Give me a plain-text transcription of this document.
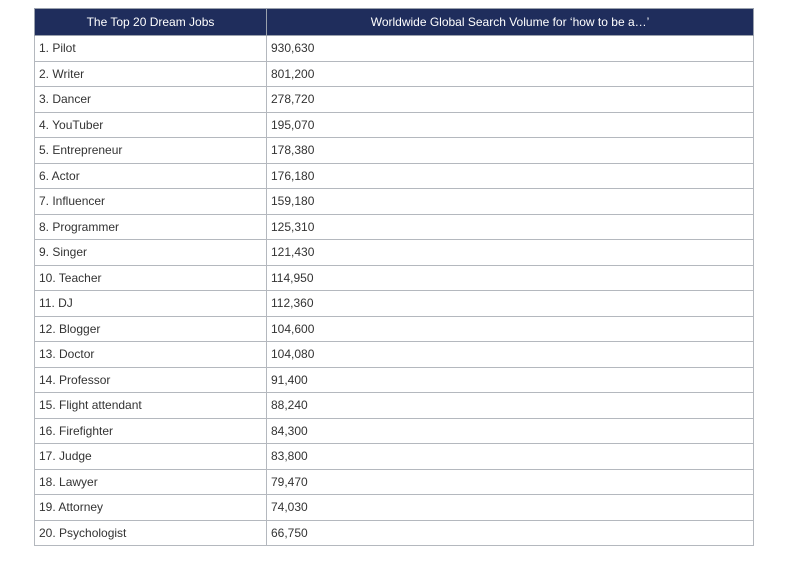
The Top 20 Dream Jobs	Worldwide Global Search Volume for ‘how to be a…’
1. Pilot	930,630
2. Writer	801,200
3. Dancer	278,720
4. YouTuber	195,070
5. Entrepreneur	178,380
6. Actor	176,180
7. Influencer	159,180
8. Programmer	125,310
9. Singer	121,430
10. Teacher	114,950
11. DJ	112,360
12. Blogger	104,600
13. Doctor	104,080
14. Professor	91,400
15. Flight attendant	88,240
16. Firefighter	84,300
17. Judge	83,800
18. Lawyer	79,470
19. Attorney	74,030
20. Psychologist	66,750
